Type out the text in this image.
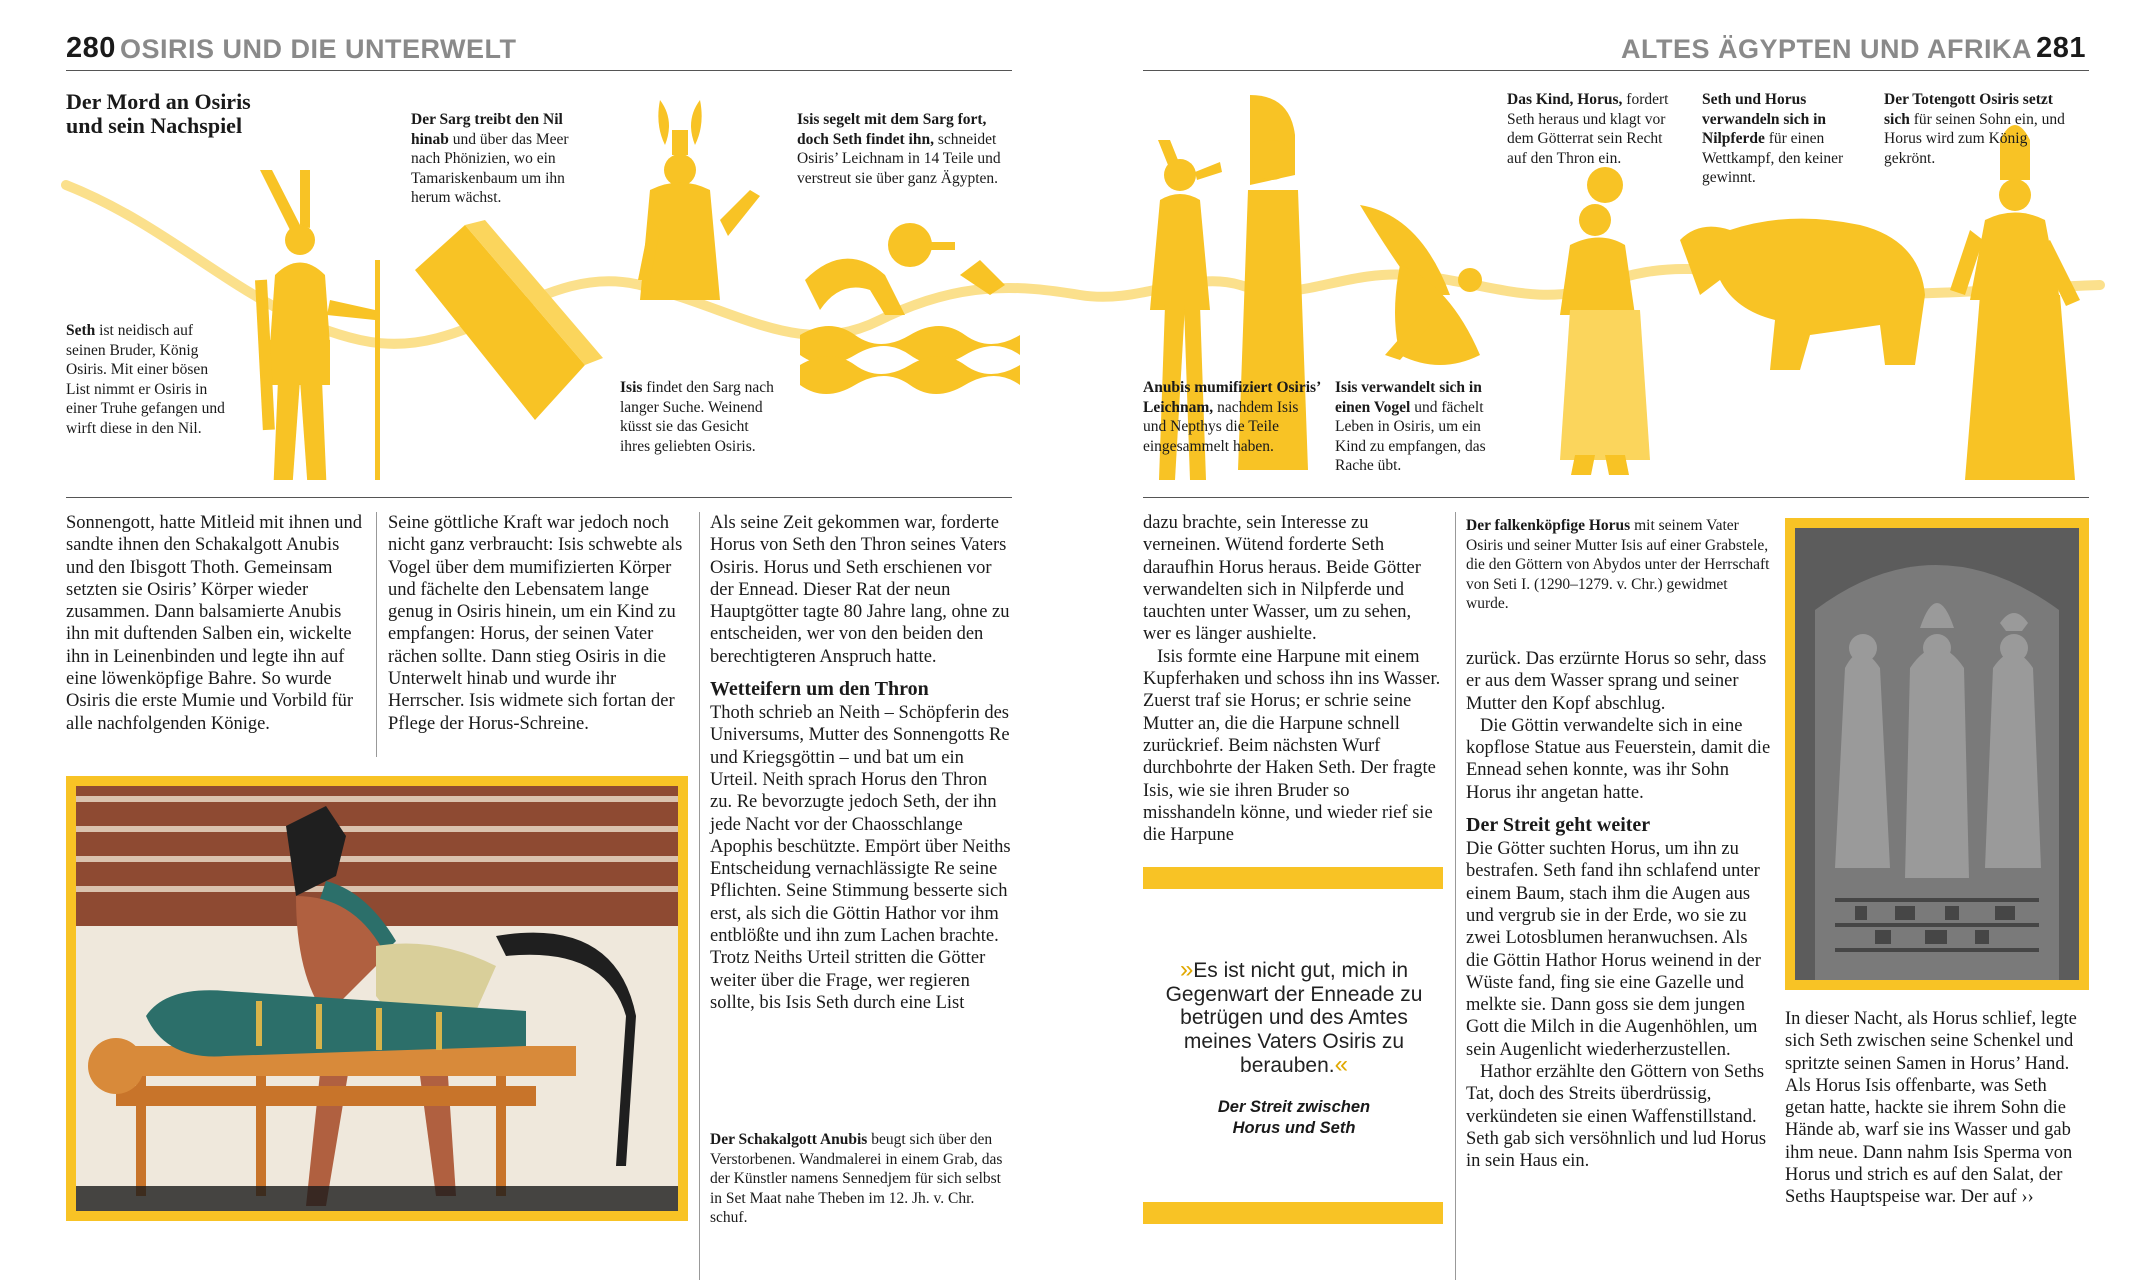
280 OSIRIS UND DIE UNTERWELT	ALTES ÄGYPTEN UND AFRIKA 281
Der Mord an Osiris
und sein Nachspiel
Seth ist neidisch auf seinen Bruder, König Osiris. Mit einer bösen List nimmt er Osiris in einer Truhe gefangen und wirft diese in den Nil.
Der Sarg treibt den Nil hinab und über das Meer nach Phönizien, wo ein Tamariskenbaum um ihn herum wächst.
Isis findet den Sarg nach langer Suche. Weinend küsst sie das Gesicht ihres geliebten Osiris.
Isis segelt mit dem Sarg fort, doch Seth findet ihn, schneidet Osiris’ Leichnam in 14 Teile und verstreut sie über ganz Ägypten.
Anubis mumifiziert Osiris’ Leichnam, nachdem Isis und Nepthys die Teile eingesammelt haben.
Isis verwandelt sich in einen Vogel und fächelt Leben in Osiris, um ein Kind zu empfangen, das Rache übt.
Das Kind, Horus, fordert Seth heraus und klagt vor dem Götterrat sein Recht auf den Thron ein.
Seth und Horus verwandeln sich in Nilpferde für einen Wettkampf, den keiner gewinnt.
Der Totengott Osiris setzt sich für seinen Sohn ein, und Horus wird zum König gekrönt.

Sonnengott, hatte Mitleid mit ihnen und sandte ihnen den Schakalgott Anubis und den Ibisgott Thoth. Gemeinsam setzten sie Osiris’ Körper wieder zusammen. Dann balsamierte Anubis ihn mit duftenden Salben ein, wickelte ihn in Leinenbinden und legte ihn auf eine löwenköpfige Bahre. So wurde Osiris die erste Mumie und Vorbild für alle nachfolgenden Könige.

Seine göttliche Kraft war jedoch noch nicht ganz verbraucht: Isis schwebte als Vogel über dem mumifizierten Körper und fächelte den Lebensatem lange genug in Osiris hinein, um ein Kind zu empfangen: Horus, der seinen Vater rächen sollte. Dann stieg Osiris in die Unterwelt hinab und wurde ihr Herrscher. Isis widmete sich fortan der Pflege der Horus-Schreine.

Als seine Zeit gekommen war, forderte Horus von Seth den Thron seines Vaters Osiris. Horus und Seth erschienen vor der Ennead. Dieser Rat der neun Hauptgötter tagte 80 Jahre lang, ohne zu entscheiden, wer von den beiden den berechtigteren Anspruch hatte.

Wetteifern um den Thron

Thoth schrieb an Neith – Schöpferin des Universums, Mutter des Sonnengotts Re und Kriegsgöttin – und bat um ein Urteil. Neith sprach Horus den Thron zu. Re bevorzugte jedoch Seth, der ihn jede Nacht vor der Chaosschlange Apophis beschützte. Empört über Neiths Entscheidung vernachlässigte Re seine Pflichten. Seine Stimmung besserte sich erst, als sich die Göttin Hathor vor ihm entblößte und ihn zum Lachen brachte. Trotz Neiths Urteil stritten die Götter weiter über die Frage, wer regieren sollte, bis Isis Seth durch eine List

Der Schakalgott Anubis beugt sich über den Verstorbenen. Wandmalerei in einem Grab, das der Künstler namens Sennedjem für sich selbst in Set Maat nahe Theben im 12. Jh. v. Chr. schuf.

dazu brachte, sein Interesse zu verneinen. Wütend forderte Seth daraufhin Horus heraus. Beide Götter verwandelten sich in Nilpferde und tauchten unter Wasser, um zu sehen, wer es länger aushielte.

Isis formte eine Harpune mit einem Kupferhaken und schoss ihn ins Wasser. Zuerst traf sie Horus; er schrie seine Mutter an, die die Harpune schnell zurückrief. Beim nächsten Wurf durchbohrte der Haken Seth. Der fragte Isis, wie sie ihren Bruder so misshandeln könne, und wieder rief sie die Harpune

»Es ist nicht gut, mich in Gegenwart der Enneade zu betrügen und des Amtes meines Vaters Osiris zu berauben.«
Der Streit zwischen
Horus und Seth
Der falkenköpfige Horus mit seinem Vater Osiris und seiner Mutter Isis auf einer Grabstele, die den Göttern von Abydos unter der Herrschaft von Seti I. (1290–1279. v. Chr.) gewidmet wurde.

zurück. Das erzürnte Horus so sehr, dass er aus dem Wasser sprang und seiner Mutter den Kopf abschlug.

Die Göttin verwandelte sich in eine kopflose Statue aus Feuerstein, damit die Ennead sehen konnte, was ihr Sohn Horus ihr angetan hatte.

Der Streit geht weiter

Die Götter suchten Horus, um ihn zu bestrafen. Seth fand ihn schlafend unter einem Baum, stach ihm die Augen aus und vergrub sie in der Erde, wo sie zu zwei Lotosblumen heranwuchsen. Als die Göttin Hathor Horus weinend in der Wüste fand, fing sie eine Gazelle und melkte sie. Dann goss sie dem jungen Gott die Milch in die Augenhöhlen, um sein Augenlicht wiederherzustellen.

Hathor erzählte den Göttern von Seths Tat, doch des Streits überdrüssig, verkündeten sie einen Waffenstillstand. Seth gab sich versöhnlich und lud Horus in sein Haus ein.

In dieser Nacht, als Horus schlief, legte sich Seth zwischen seine Schenkel und spritzte seinen Samen in Horus’ Hand. Als Horus Isis offenbarte, was Seth getan hatte, hackte sie ihrem Sohn die Hände ab, warf sie ins Wasser und gab ihm neue. Dann nahm Isis Sperma von Horus und strich es auf den Salat, der Seths Hauptspeise war. Der auf ››
